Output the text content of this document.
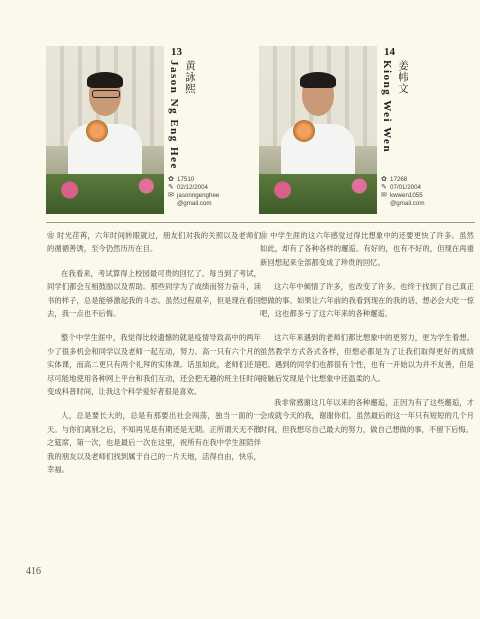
13
黄詠熙
Jason Ng Eng Hee
✿ 17510
✎ 02/12/2004
✉ jasonngenghee
@gmail.com
14
姜帏文
Kiong Wei Wen
✿ 17268
✎ 07/01/2004
✉ kwwen1055
@gmail.com

❀ 时光荏苒，六年时间转眼就过，朋友们对我的关照以及老师们的循循善诱，至今仍然历历在目。

在我看来，考试算得上校园最可贵的回忆了。每当到了考试，同学们都会互相鼓励以及帮助。那些同学为了成绩而努力奋斗，读书的样子，总是能够激起我的斗志。虽然过程艰辛，但是现在看回去，我一点也不后悔。

整个中学生涯中，我觉得比较遗憾的就是疫情导致高中的两年少了很多机会和同学以及老师一起互动，努力。高一只有六个月的实体课，而高二更只有两个礼拜的实体课。话虽如此，老师们还是尽可能地使用各种网上平台和我们互动，还会把无趣的班主任时间变成科普时间，让我这个科学爱好者很是喜欢。

人，总是要长大的，总是有那要出社会闯荡，独当一面的一天。与你们离别之后，不知再见是有期还是无期。正所谓天无不散之筵席，第一次，也是最后一次在这里，祝所有在我中学生涯陪伴我的朋友以及老师们找到属于自己的一片天地，活得自由，快乐，幸福。

❀ 中学生涯的这六年感觉过得比想象中的还要更快了许多。虽然如此，却有了各种各样的邂逅。有好的，也有不好的，但现在再重新回想起来全部都变成了珍贵的回忆。

这六年中倾情了许多，也改变了许多。也终于找到了自己真正想做的事。如果让六年前的我看到现在的我的话，想必会大吃一惊吧，这也都多亏了这六年来的各种邂逅。

这六年来遇到的老师们都比想象中的更努力，更为学生着想。虽然教学方式各式各样，但想必都是为了让我们取得更好的成绩吧。遇到的同学们也都很有个性，也有一开始以为并不友善，但是接触后发现是个比想象中还温柔的人。

我非常感谢这几年以来的各种邂逅，正因为有了这些邂逅，才会成就今天的我，谢谢你们。虽然最后的这一年只有短短的几个月时间，但我想尽自己最大的努力，做自己想做的事，不留下后悔。

416
